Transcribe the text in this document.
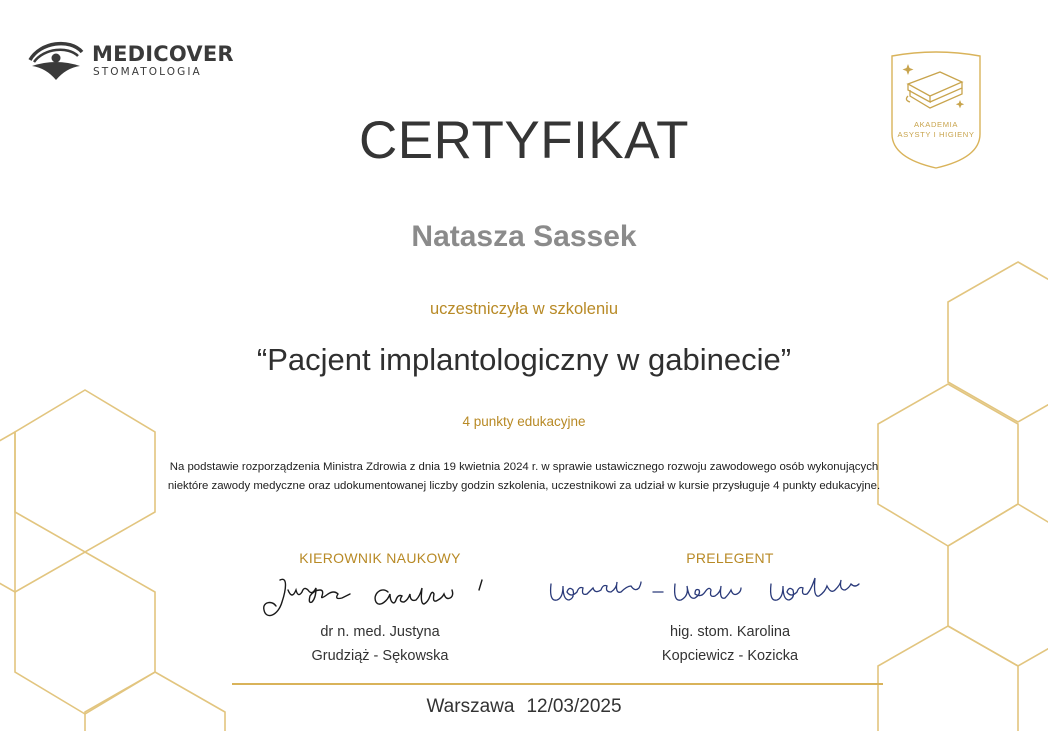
MEDICOVER
STOMATOLOGIA
AKADEMIA
ASYSTY I HIGIENY
CERTYFIKAT
Natasza Sassek
uczestniczyła w szkoleniu
“Pacjent implantologiczny w gabinecie”
4 punkty edukacyjne
Na podstawie rozporządzenia Ministra Zdrowia z dnia 19 kwietnia 2024 r. w sprawie ustawicznego rozwoju zawodowego osób wykonujących niektóre zawody medyczne oraz udokumentowanej liczby godzin szkolenia, uczestnikowi za udział w kursie przysługuje 4 punkty edukacyjne.
KIEROWNIK NAUKOWY	PRELEGENT
dr n. med. Justyna
Grudziąż - Sękowska
hig. stom. Karolina
Kopciewicz - Kozicka
Warszawa 12/03/2025
